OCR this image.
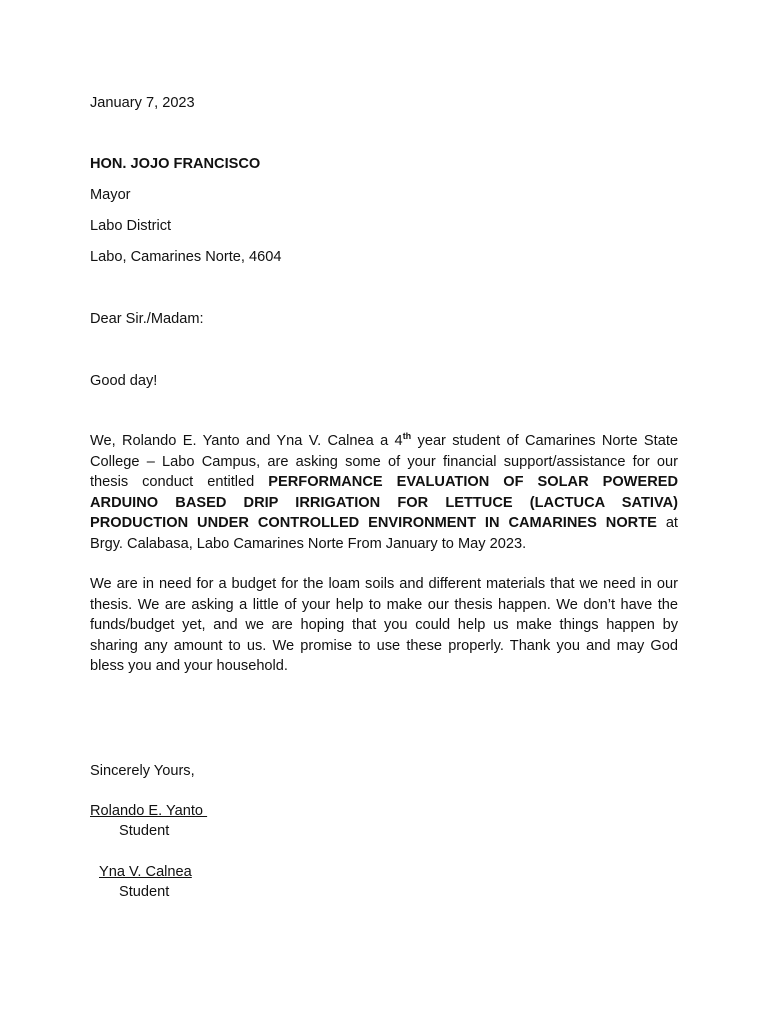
January 7, 2023
HON. JOJO FRANCISCO
Mayor
Labo District
Labo, Camarines Norte, 4604
Dear Sir./Madam:
Good day!
We, Rolando E. Yanto and Yna V. Calnea a 4th year student of Camarines Norte State College – Labo Campus, are asking some of your financial support/assistance for our thesis conduct entitled PERFORMANCE EVALUATION OF SOLAR POWERED ARDUINO BASED DRIP IRRIGATION FOR LETTUCE (LACTUCA SATIVA) PRODUCTION UNDER CONTROLLED ENVIRONMENT IN CAMARINES NORTE at Brgy. Calabasa, Labo Camarines Norte From January to May 2023.
We are in need for a budget for the loam soils and different materials that we need in our thesis. We are asking a little of your help to make our thesis happen. We don’t have the funds/budget yet, and we are hoping that you could help us make things happen by sharing any amount to us. We promise to use these properly. Thank you and may God bless you and your household.
Sincerely Yours,
Rolando E. Yanto
Student
Yna V. Calnea
Student
